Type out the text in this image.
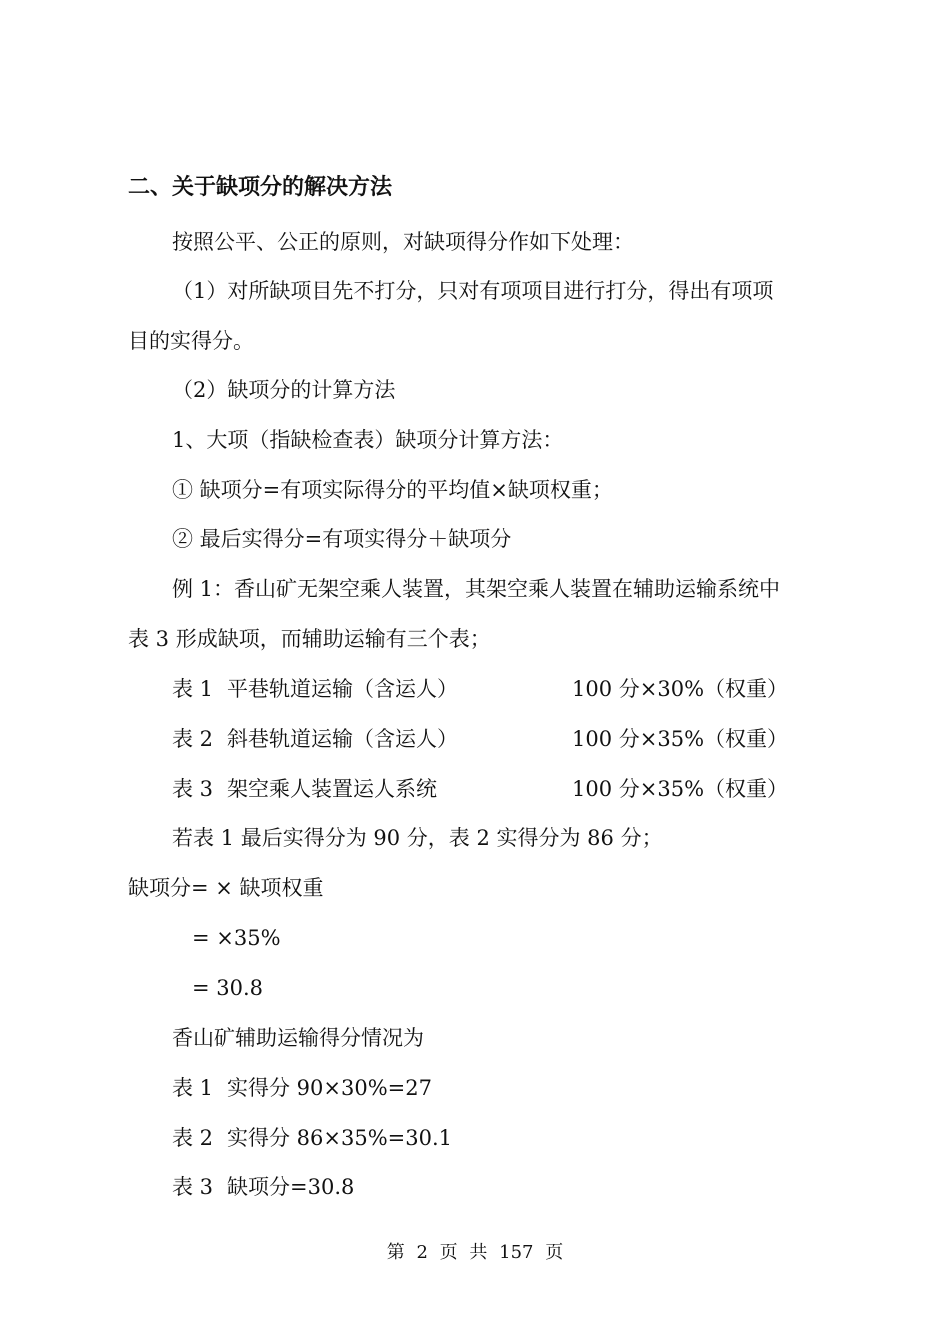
二、关于缺项分的解决方法
按照公平、公正的原则，对缺项得分作如下处理：
（1）对所缺项目先不打分，只对有项项目进行打分，得出有项项
目的实得分。
（2）缺项分的计算方法
1、大项（指缺检查表）缺项分计算方法：
① 缺项分=有项实际得分的平均值×缺项权重；
② 最后实得分=有项实得分＋缺项分
例 1：香山矿无架空乘人装置，其架空乘人装置在辅助运输系统中
表 3 形成缺项，而辅助运输有三个表；
表 1 平巷轨道运输（含运人）	100 分×30%（权重）
表 2 斜巷轨道运输（含运人）	100 分×35%（权重）
表 3 架空乘人装置运人系统	100 分×35%（权重）
若表 1 最后实得分为 90 分，表 2 实得分为 86 分；
缺项分= × 缺项权重
= ×35%
= 30.8
香山矿辅助运输得分情况为
表 1 实得分 90×30%=27
表 2 实得分 86×35%=30.1
表 3 缺项分=30.8
第 2 页 共 157 页
